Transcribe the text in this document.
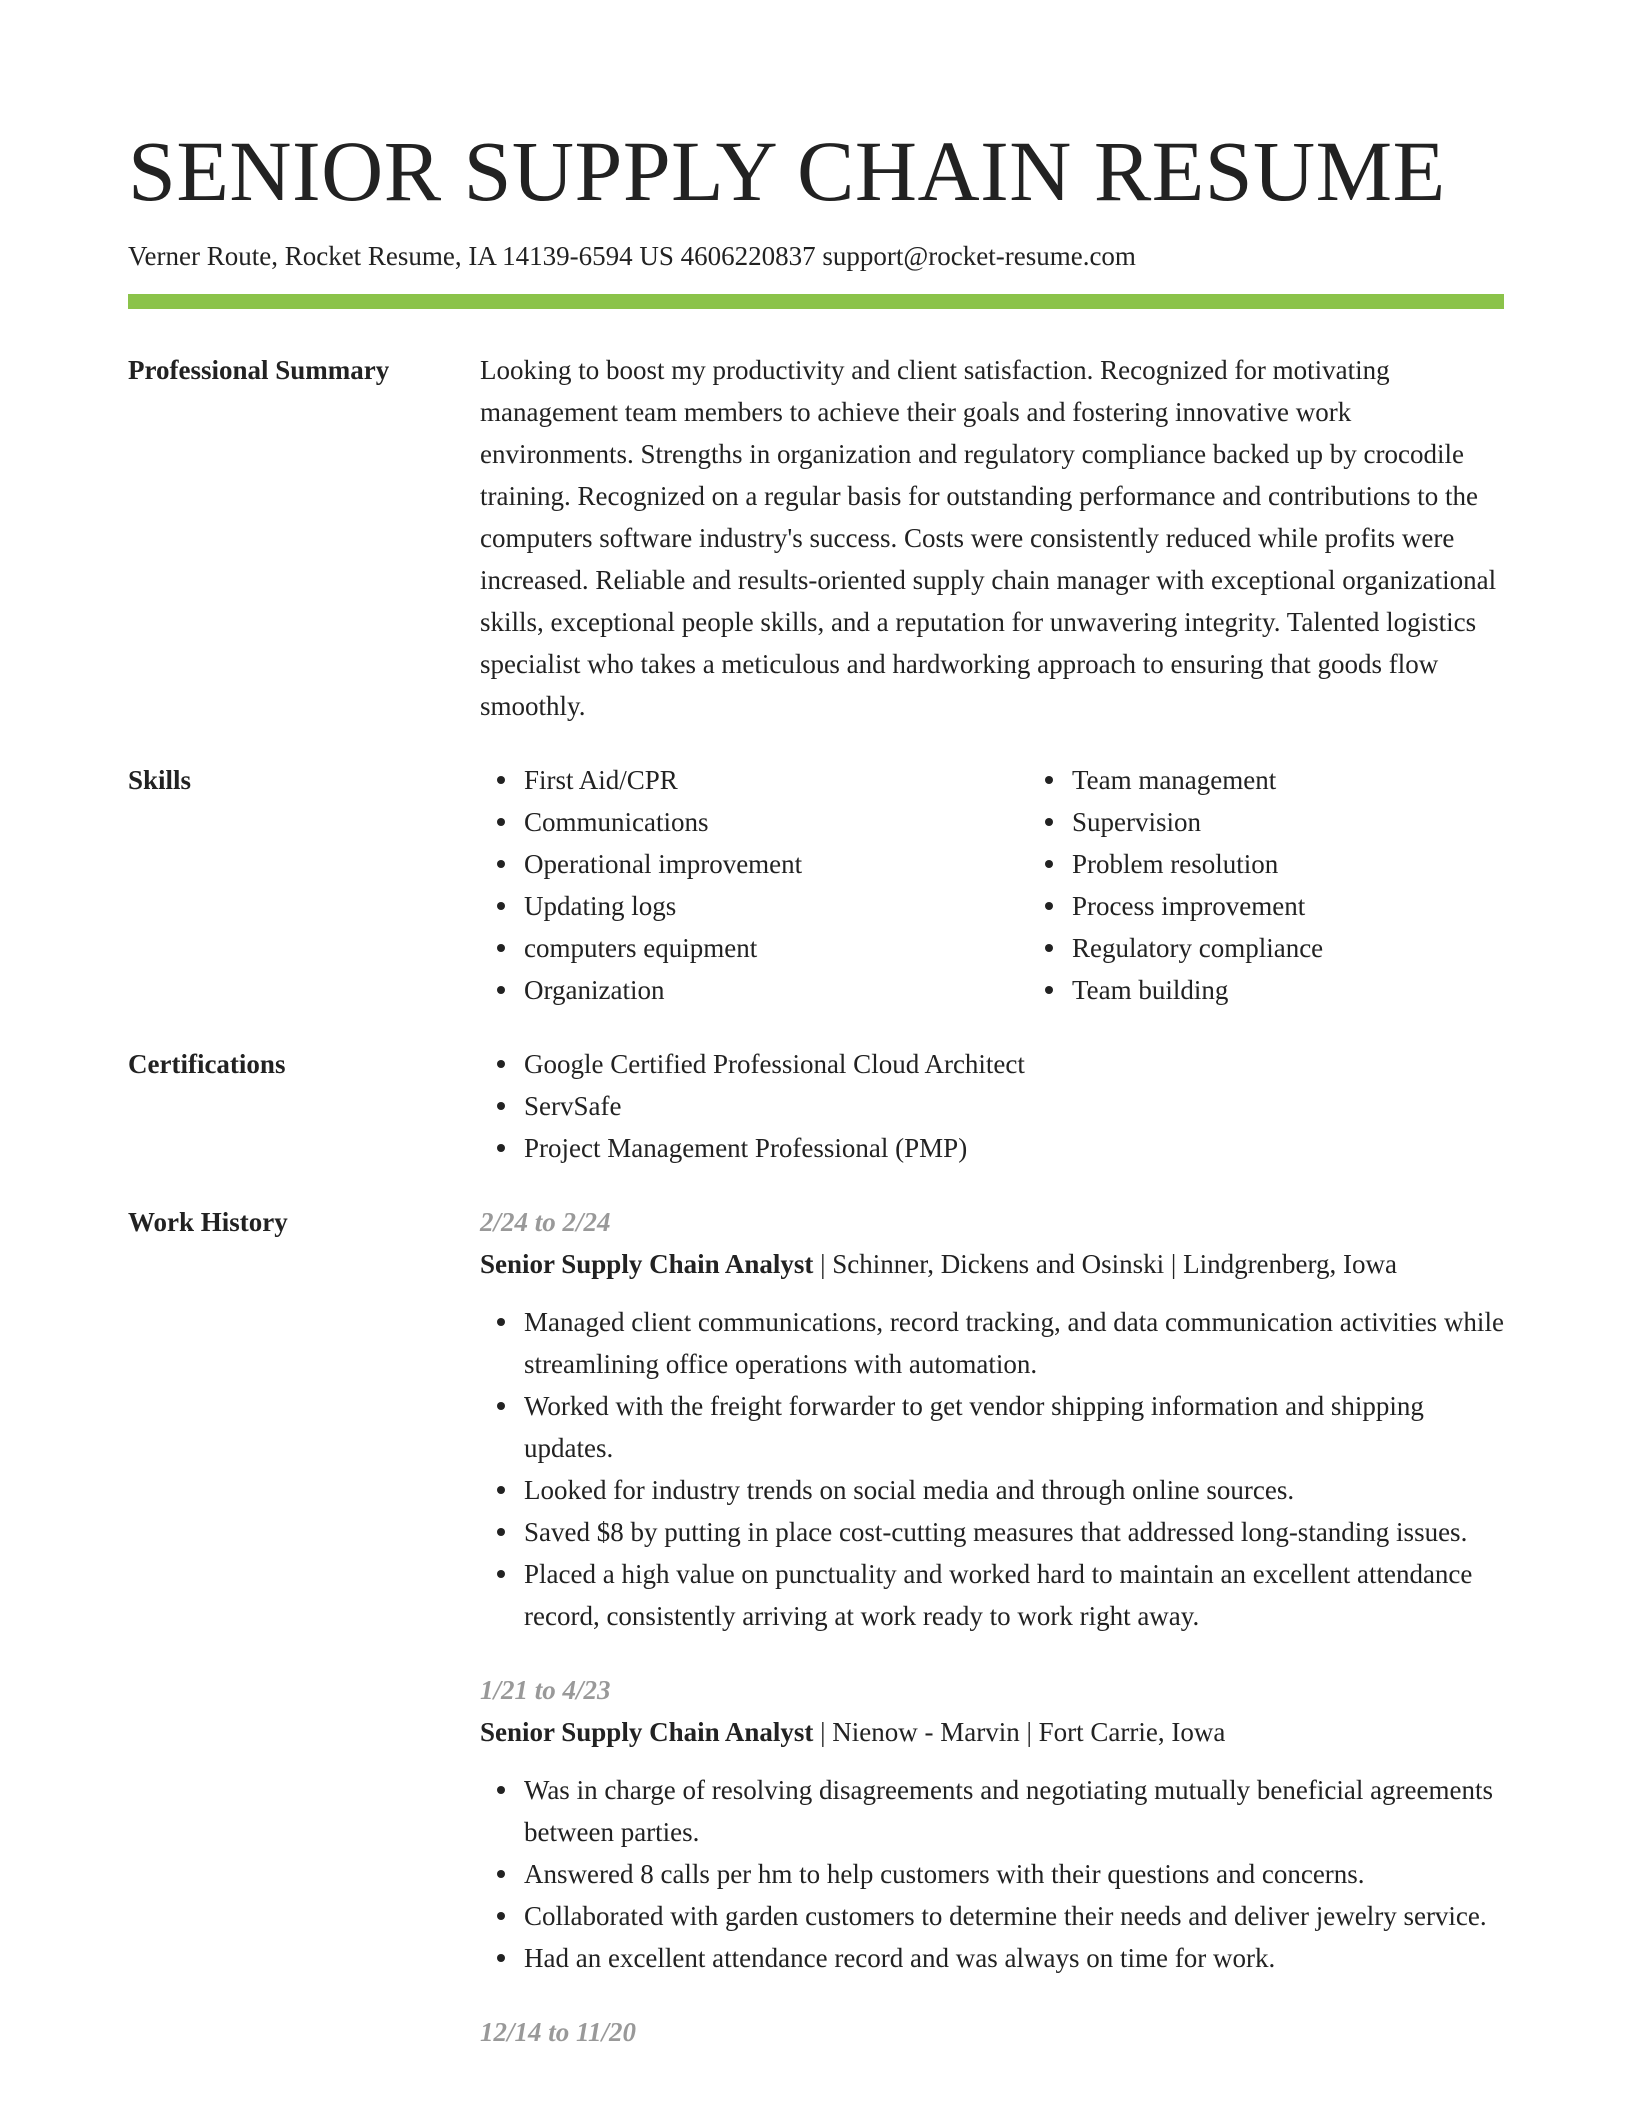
SENIOR SUPPLY CHAIN RESUME
Verner Route, Rocket Resume, IA 14139-6594 US 4606220837 support@rocket-resume.com
Professional Summary	Looking to boost my productivity and client satisfaction. Recognized for motivating management team members to achieve their goals and fostering innovative work environments. Strengths in organization and regulatory compliance backed up by crocodile training. Recognized on a regular basis for outstanding performance and contributions to the computers software industry's success. Costs were consistently reduced while profits were increased. Reliable and results-oriented supply chain manager with exceptional organizational skills, exceptional people skills, and a reputation for unwavering integrity. Talented logistics specialist who takes a meticulous and hardworking approach to ensuring that goods flow smoothly.
Skills	First Aid/CPR
Communications
Operational improvement
Updating logs
computers equipment
Organization
Team management
Supervision
Problem resolution
Process improvement
Regulatory compliance
Team building
Certifications	Google Certified Professional Cloud Architect
ServSafe
Project Management Professional (PMP)
Work History	2/24 to 2/24
Senior Supply Chain Analyst | Schinner, Dickens and Osinski | Lindgrenberg, Iowa
Managed client communications, record tracking, and data communication activities while streamlining office operations with automation.
Worked with the freight forwarder to get vendor shipping information and shipping updates.
Looked for industry trends on social media and through online sources.
Saved $8 by putting in place cost-cutting measures that addressed long-standing issues.
Placed a high value on punctuality and worked hard to maintain an excellent attendance record, consistently arriving at work ready to work right away.
1/21 to 4/23
Senior Supply Chain Analyst | Nienow - Marvin | Fort Carrie, Iowa
Was in charge of resolving disagreements and negotiating mutually beneficial agreements between parties.
Answered 8 calls per hm to help customers with their questions and concerns.
Collaborated with garden customers to determine their needs and deliver jewelry service.
Had an excellent attendance record and was always on time for work.
12/14 to 11/20
